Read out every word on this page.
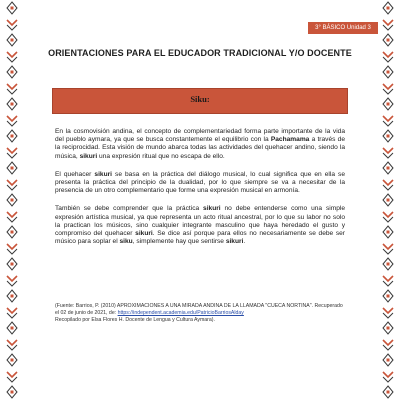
3° BÁSICO Unidad 3
ORIENTACIONES PARA EL EDUCADOR TRADICIONAL Y/O DOCENTE
Siku:

En la cosmovisión andina, el concepto de complementariedad forma parte importante de la vida del pueblo aymara, ya que se busca constantemente el equilibrio con la Pachamama a través de la reciprocidad. Esta visión de mundo abarca todas las actividades del quehacer andino, siendo la música, sikuri una expresión ritual que no escapa de ello.

El quehacer sikuri se basa en la práctica del diálogo musical, lo cual significa que en ella se presenta la práctica del principio de la dualidad, por lo que siempre se va a necesitar de la presencia de un otro complementario que forme una expresión musical en armonía.

También se debe comprender que la práctica sikuri no debe entenderse como una simple expresión artística musical, ya que representa un acto ritual ancestral, por lo que su labor no solo la practican los músicos, sino cualquier integrante masculino que haya heredado el gusto y compromiso del quehacer sikuri. Se dice así porque para ellos no necesariamente se debe ser músico para soplar el siku, simplemente hay que sentirse sikuri.

(Fuente: Barrios, P. (2010) APROXIMACIONES A UNA MIRADA ANDINA DE LA LLAMADA "CUECA NORTINA". Recuperado
el 02 de junio de 2021, de: https://independent.academia.edu/PatricioBarriosAlday
Recopilado por Elsa Flores H. Docente de Lengua y Cultura Aymara).
